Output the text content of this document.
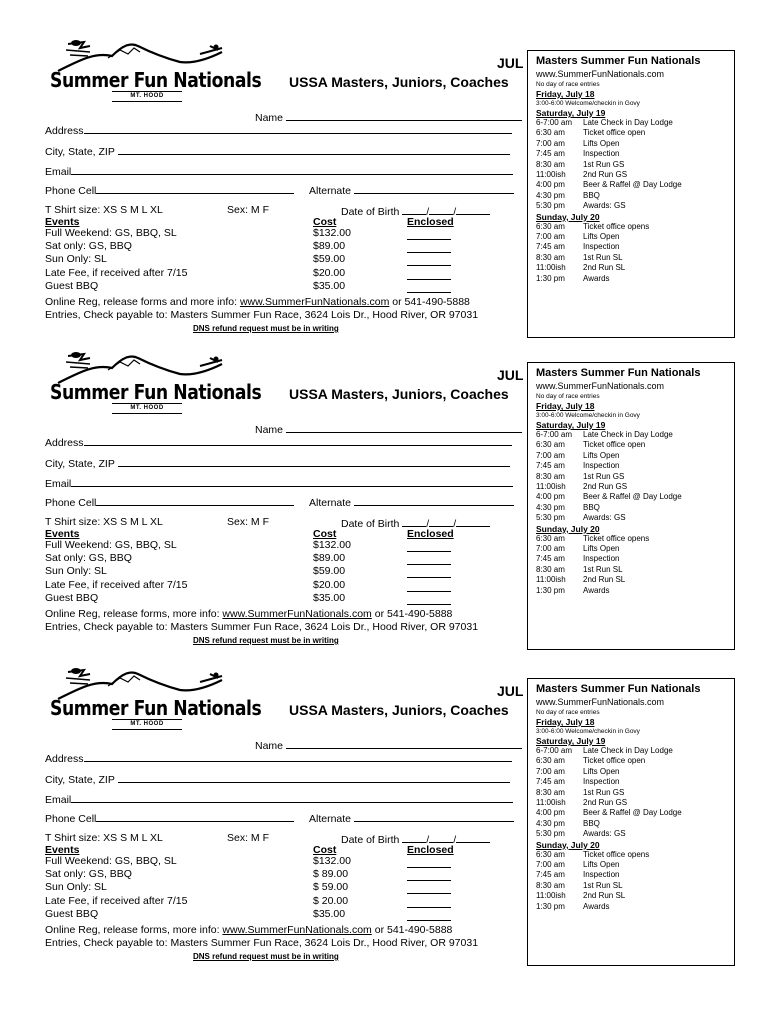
Summer Fun Nationals
MT. HOOD
JUL
USSA Masters, Juniors, Coaches
Name
Address
City, State, ZIP
Email
Phone Cell	Alternate
T Shirt size: XS S M L XL	Sex: M F	Date of Birth	/ /
Events	Cost	Enclosed
Full Weekend: GS, BBQ, SL	$132.00
Sat only: GS, BBQ	$89.00
Sun Only: SL	$59.00
Late Fee, if received after 7/15	$20.00
Guest BBQ	$35.00
Online Reg, release forms and more info: www.SummerFunNationals.com or 541-490-5888
Entries, Check payable to: Masters Summer Fun Race, 3624 Lois Dr., Hood River, OR 97031
DNS refund request must be in writing
Masters Summer Fun Nationals
www.SummerFunNationals.com
No day of race entries
Friday, July 18
3:00-6:00 Welcome/checkin in Govy
Saturday, July 19
6-7:00 am	Late Check in Day Lodge
6:30 am	Ticket office open
7:00 am	Lifts Open
7:45 am	Inspection
8:30 am	1st Run GS
11:00ish	2nd Run GS
4:00 pm	Beer & Raffel @ Day Lodge
4:30 pm	BBQ
5:30 pm	Awards: GS
Sunday, July 20
6:30 am	Ticket office opens
7:00 am	Lifts Open
7:45 am	Inspection
8:30 am	1st Run SL
11:00ish	2nd Run SL
1:30 pm	Awards
Summer Fun Nationals
MT. HOOD
JUL
USSA Masters, Juniors, Coaches
Name
Address
City, State, ZIP
Email
Phone Cell	Alternate
T Shirt size: XS S M L XL	Sex: M F	Date of Birth	/ /
Events	Cost	Enclosed
Full Weekend: GS, BBQ, SL	$132.00
Sat only: GS, BBQ	$89.00
Sun Only: SL	$59.00
Late Fee, if received after 7/15	$20.00
Guest BBQ	$35.00
Online Reg, release forms, more info: www.SummerFunNationals.com or 541-490-5888
Entries, Check payable to: Masters Summer Fun Race, 3624 Lois Dr., Hood River, OR 97031
DNS refund request must be in writing
Masters Summer Fun Nationals
www.SummerFunNationals.com
No day of race entries
Friday, July 18
3:00-6:00 Welcome/checkin in Govy
Saturday, July 19
6-7:00 am	Late Check in Day Lodge
6:30 am	Ticket office open
7:00 am	Lifts Open
7:45 am	Inspection
8:30 am	1st Run GS
11:00ish	2nd Run GS
4:00 pm	Beer & Raffel @ Day Lodge
4:30 pm	BBQ
5:30 pm	Awards: GS
Sunday, July 20
6:30 am	Ticket office opens
7:00 am	Lifts Open
7:45 am	Inspection
8:30 am	1st Run SL
11:00ish	2nd Run SL
1:30 pm	Awards
Summer Fun Nationals
MT. HOOD
JUL
USSA Masters, Juniors, Coaches
Name
Address
City, State, ZIP
Email
Phone Cell	Alternate
T Shirt size: XS S M L XL	Sex: M F	Date of Birth	/ /
Events	Cost	Enclosed
Full Weekend: GS, BBQ, SL	$132.00
Sat only: GS, BBQ	$ 89.00
Sun Only: SL	$ 59.00
Late Fee, if received after 7/15	$ 20.00
Guest BBQ	$35.00
Online Reg, release forms, more info: www.SummerFunNationals.com or 541-490-5888
Entries, Check payable to: Masters Summer Fun Race, 3624 Lois Dr., Hood River, OR 97031
DNS refund request must be in writing
Masters Summer Fun Nationals
www.SummerFunNationals.com
No day of race entries
Friday, July 18
3:00-6:00 Welcome/checkin in Govy
Saturday, July 19
6-7:00 am	Late Check in Day Lodge
6:30 am	Ticket office open
7:00 am	Lifts Open
7:45 am	Inspection
8:30 am	1st Run GS
11:00ish	2nd Run GS
4:00 pm	Beer & Raffel @ Day Lodge
4:30 pm	BBQ
5:30 pm	Awards: GS
Sunday, July 20
6:30 am	Ticket office opens
7:00 am	Lifts Open
7:45 am	Inspection
8:30 am	1st Run SL
11:00ish	2nd Run SL
1:30 pm	Awards
